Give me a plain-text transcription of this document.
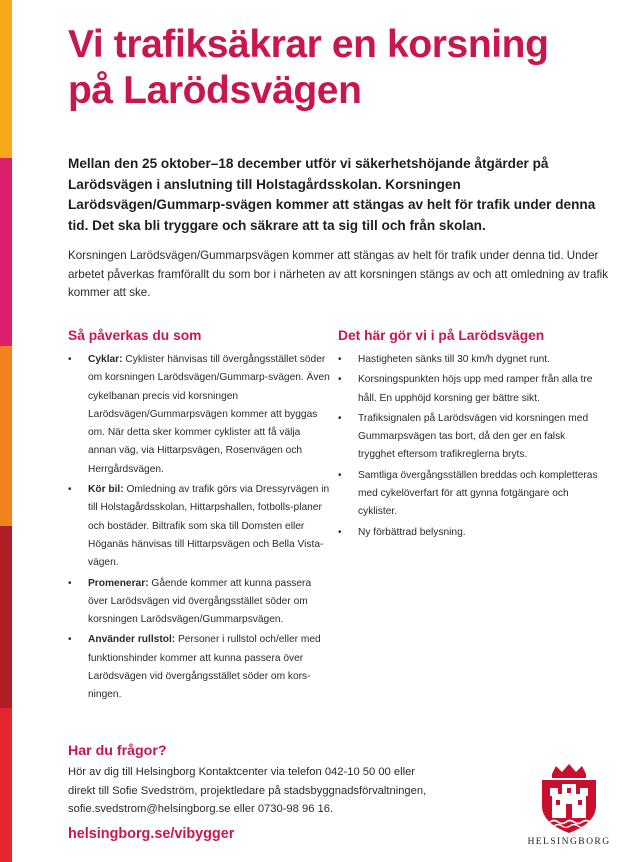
Vi trafiksäkrar en korsning
på Larödsvägen

Mellan den 25 oktober–18 december utför vi säkerhetshöjande åtgärder på Larödsvägen i anslutning till Holstagårdsskolan. Korsningen Larödsvägen/Gummarp-svägen kommer att stängas av helt för trafik under denna tid. Det ska bli tryggare och säkrare att ta sig till och från skolan.

Korsningen Larödsvägen/Gummarpsvägen kommer att stängas av helt för trafik under denna tid. Under arbetet påverkas framförallt du som bor i närheten av att korsningen stängs av och att omledning av trafik kommer att ske.

Så påverkas du som
• Cyklar: Cyklister hänvisas till övergångsstället söder om korsningen Larödsvägen/Gummarp-svägen. Även cykelbanan precis vid korsningen Larödsvägen/Gummarpsvägen kommer att byggas om. När detta sker kommer cyklister att få välja annan väg, via Hittarpsvägen, Rosenvägen och Herrgårdsvägen.
• Kör bil: Omledning av trafik görs via Dressyrvägen in till Holstagårdsskolan, Hittarpshallen, fotbolls-planer och bostäder. Biltrafik som ska till Domsten eller Höganäs hänvisas till Hittarpsvägen och Bella Vista-vägen.
• Promenerar: Gående kommer att kunna passera över Larödsvägen vid övergångsstället söder om korsningen Larödsvägen/Gummarpsvägen.
• Använder rullstol: Personer i rullstol och/eller med funktionshinder kommer att kunna passera över Larödsvägen vid övergångsstället söder om kors-ningen.
Det här gör vi i på Larödsvägen
• Hastigheten sänks till 30 km/h dygnet runt.
• Korsningspunkten höjs upp med ramper från alla tre håll. En upphöjd korsning ger bättre sikt.
• Trafiksignalen på Larödsvägen vid korsningen med Gummarpsvägen tas bort, då den ger en falsk trygghet eftersom trafikreglerna bryts.
• Samtliga övergångsställen breddas och kompletteras med cykelöverfart för att gynna fotgängare och cyklister.
• Ny förbättrad belysning.
Har du frågor?

Hör av dig till Helsingborg Kontaktcenter via telefon 042-10 50 00 eller

direkt till Sofie Svedström, projektledare på stadsbyggnadsförvaltningen,

sofie.svedstrom@helsingborg.se eller 0730-98 96 16.

helsingborg.se/vibygger	HELSINGBORG
